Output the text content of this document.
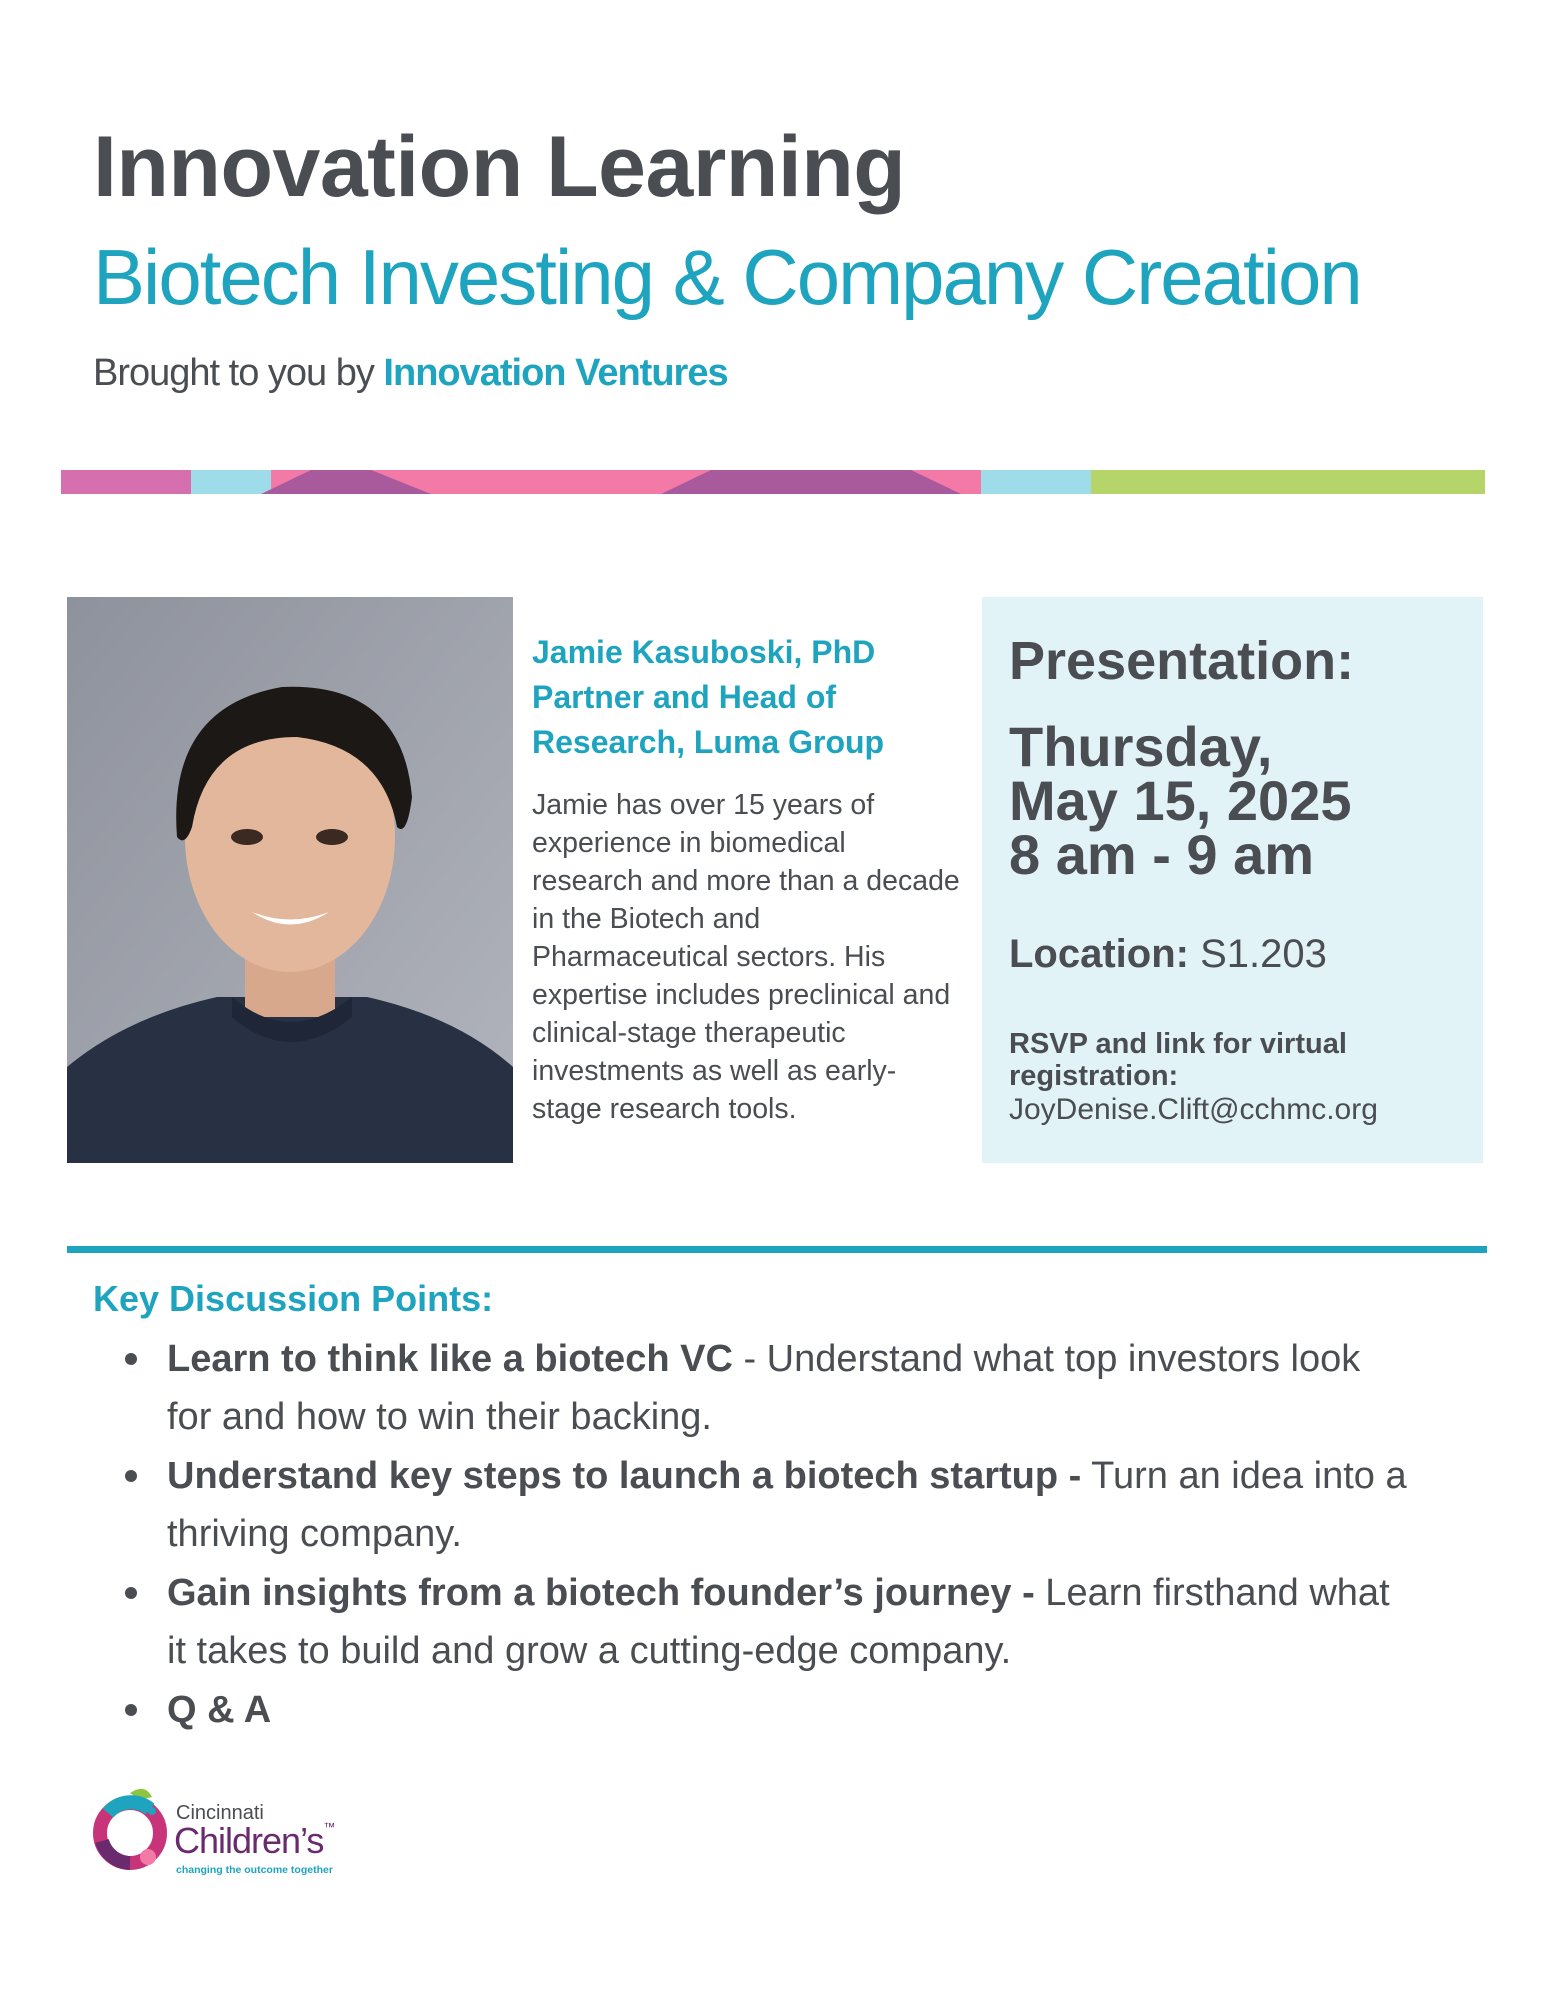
Innovation Learning
Biotech Investing & Company Creation
Brought to you by Innovation Ventures
Jamie Kasuboski, PhD
Partner and Head of
Research, Luma Group
Jamie has over 15 years of experience in biomedical research and more than a decade in the Biotech and Pharmaceutical sectors. His expertise includes preclinical and clinical-stage therapeutic investments as well as early-stage research tools.
Presentation:
Thursday,
May 15, 2025
8 am - 9 am
Location: S1.203
RSVP and link for virtual registration:
JoyDenise.Clift@cchmc.org
Key Discussion Points:
Learn to think like a biotech VC - Understand what top investors look for and how to win their backing.
Understand key steps to launch a biotech startup - Turn an idea into a thriving company.
Gain insights from a biotech founder’s journey - Learn firsthand what it takes to build and grow a cutting-edge company.
Q & A
Cincinnati
Children’s™
changing the outcome together
